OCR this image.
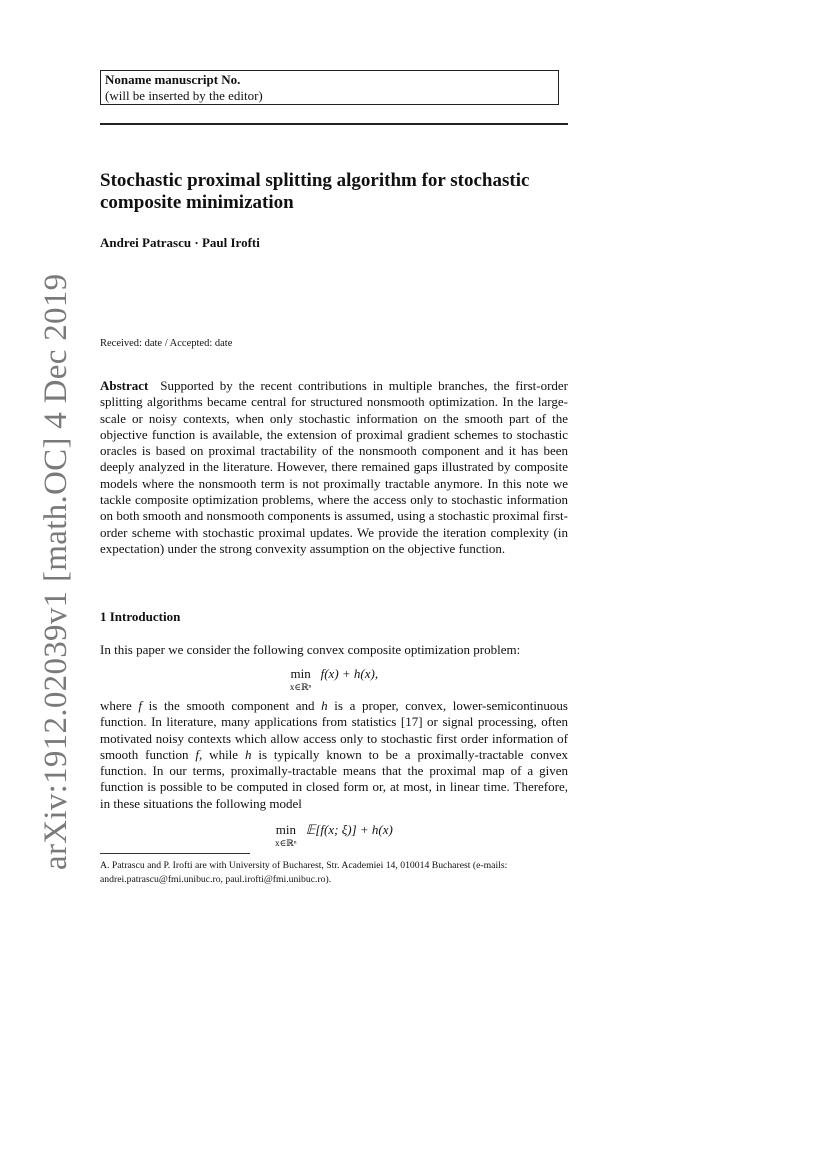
arXiv:1912.02039v1 [math.OC] 4 Dec 2019
Noname manuscript No.
(will be inserted by the editor)
Stochastic proximal splitting algorithm for stochastic composite minimization
Andrei Patrascu · Paul Irofti
Received: date / Accepted: date
Abstract Supported by the recent contributions in multiple branches, the first-order splitting algorithms became central for structured nonsmooth optimization. In the large-scale or noisy contexts, when only stochastic information on the smooth part of the objective function is available, the extension of proximal gradient schemes to stochastic oracles is based on proximal tractability of the nonsmooth component and it has been deeply analyzed in the literature. However, there remained gaps illustrated by composite models where the nonsmooth term is not proximally tractable anymore. In this note we tackle composite optimization problems, where the access only to stochastic information on both smooth and nonsmooth components is assumed, using a stochastic proximal first-order scheme with stochastic proximal updates. We provide the iteration complexity (in expectation) under the strong convexity assumption on the objective function.
1 Introduction
In this paper we consider the following convex composite optimization problem:
min
x∈ℝⁿ
f(x) + h(x),
where f is the smooth component and h is a proper, convex, lower-semicontinuous function. In literature, many applications from statistics [17] or signal processing, often motivated noisy contexts which allow access only to stochastic first order information of smooth function f, while h is typically known to be a proximally-tractable convex function. In our terms, proximally-tractable means that the proximal map of a given function is possible to be computed in closed form or, at most, in linear time. Therefore, in these situations the following model
min
x∈ℝⁿ
𝔼[f(x; ξ)] + h(x)
A. Patrascu and P. Irofti are with University of Bucharest, Str. Academiei 14, 010014 Bucharest (e-mails: andrei.patrascu@fmi.unibuc.ro, paul.irofti@fmi.unibuc.ro).
